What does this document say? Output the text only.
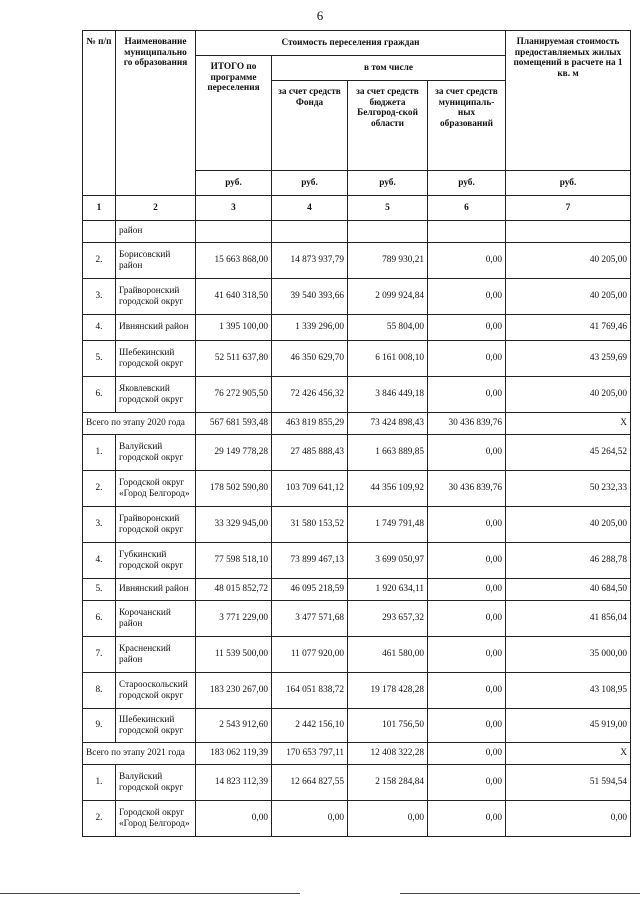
6
№ п/п	Наименование муниципально го образования	Стоимость переселения граждан				Планируемая стоимость предоставляемых жилых помещений в расчете на 1 кв. м
		ИТОГО по программе переселения	в том числе			
			за счет средств Фонда	за счет средств бюджета Белгород-ской области	за счет средств муниципаль-ных образований	
		руб.	руб.	руб.	руб.	руб.
1	2	3	4	5	6	7
	район					
2.	Борисовский район	15 663 868,00	14 873 937,79	789 930,21	0,00	40 205,00
3.	Грайворонский городской округ	41 640 318,50	39 540 393,66	2 099 924,84	0,00	40 205,00
4.	Ивнянский район	1 395 100,00	1 339 296,00	55 804,00	0,00	41 769,46
5.	Шебекинский городской округ	52 511 637,80	46 350 629,70	6 161 008,10	0,00	43 259,69
6.	Яковлевский городской округ	76 272 905,50	72 426 456,32	3 846 449,18	0,00	40 205,00
Всего по этапу 2020 года		567 681 593,48	463 819 855,29	73 424 898,43	30 436 839,76	Х
1.	Валуйский городской округ	29 149 778,28	27 485 888,43	1 663 889,85	0,00	45 264,52
2.	Городской округ «Город Белгород»	178 502 590,80	103 709 641,12	44 356 109,92	30 436 839,76	50 232,33
3.	Грайворонский городской округ	33 329 945,00	31 580 153,52	1 749 791,48	0,00	40 205,00
4.	Губкинский городской округ	77 598 518,10	73 899 467,13	3 699 050,97	0,00	46 288,78
5.	Ивнянский район	48 015 852,72	46 095 218,59	1 920 634,11	0,00	40 684,50
6.	Корочанский район	3 771 229,00	3 477 571,68	293 657,32	0,00	41 856,04
7.	Красненский район	11 539 500,00	11 077 920,00	461 580,00	0,00	35 000,00
8.	Старооскольский городской округ	183 230 267,00	164 051 838,72	19 178 428,28	0,00	43 108,95
9.	Шебекинский городской округ	2 543 912,60	2 442 156,10	101 756,50	0,00	45 919,00
Всего по этапу 2021 года		183 062 119,39	170 653 797,11	12 408 322,28	0,00	Х
1.	Валуйский городской округ	14 823 112,39	12 664 827,55	2 158 284,84	0,00	51 594,54
2.	Городской округ «Город Белгород»	0,00	0,00	0,00	0,00	0,00
